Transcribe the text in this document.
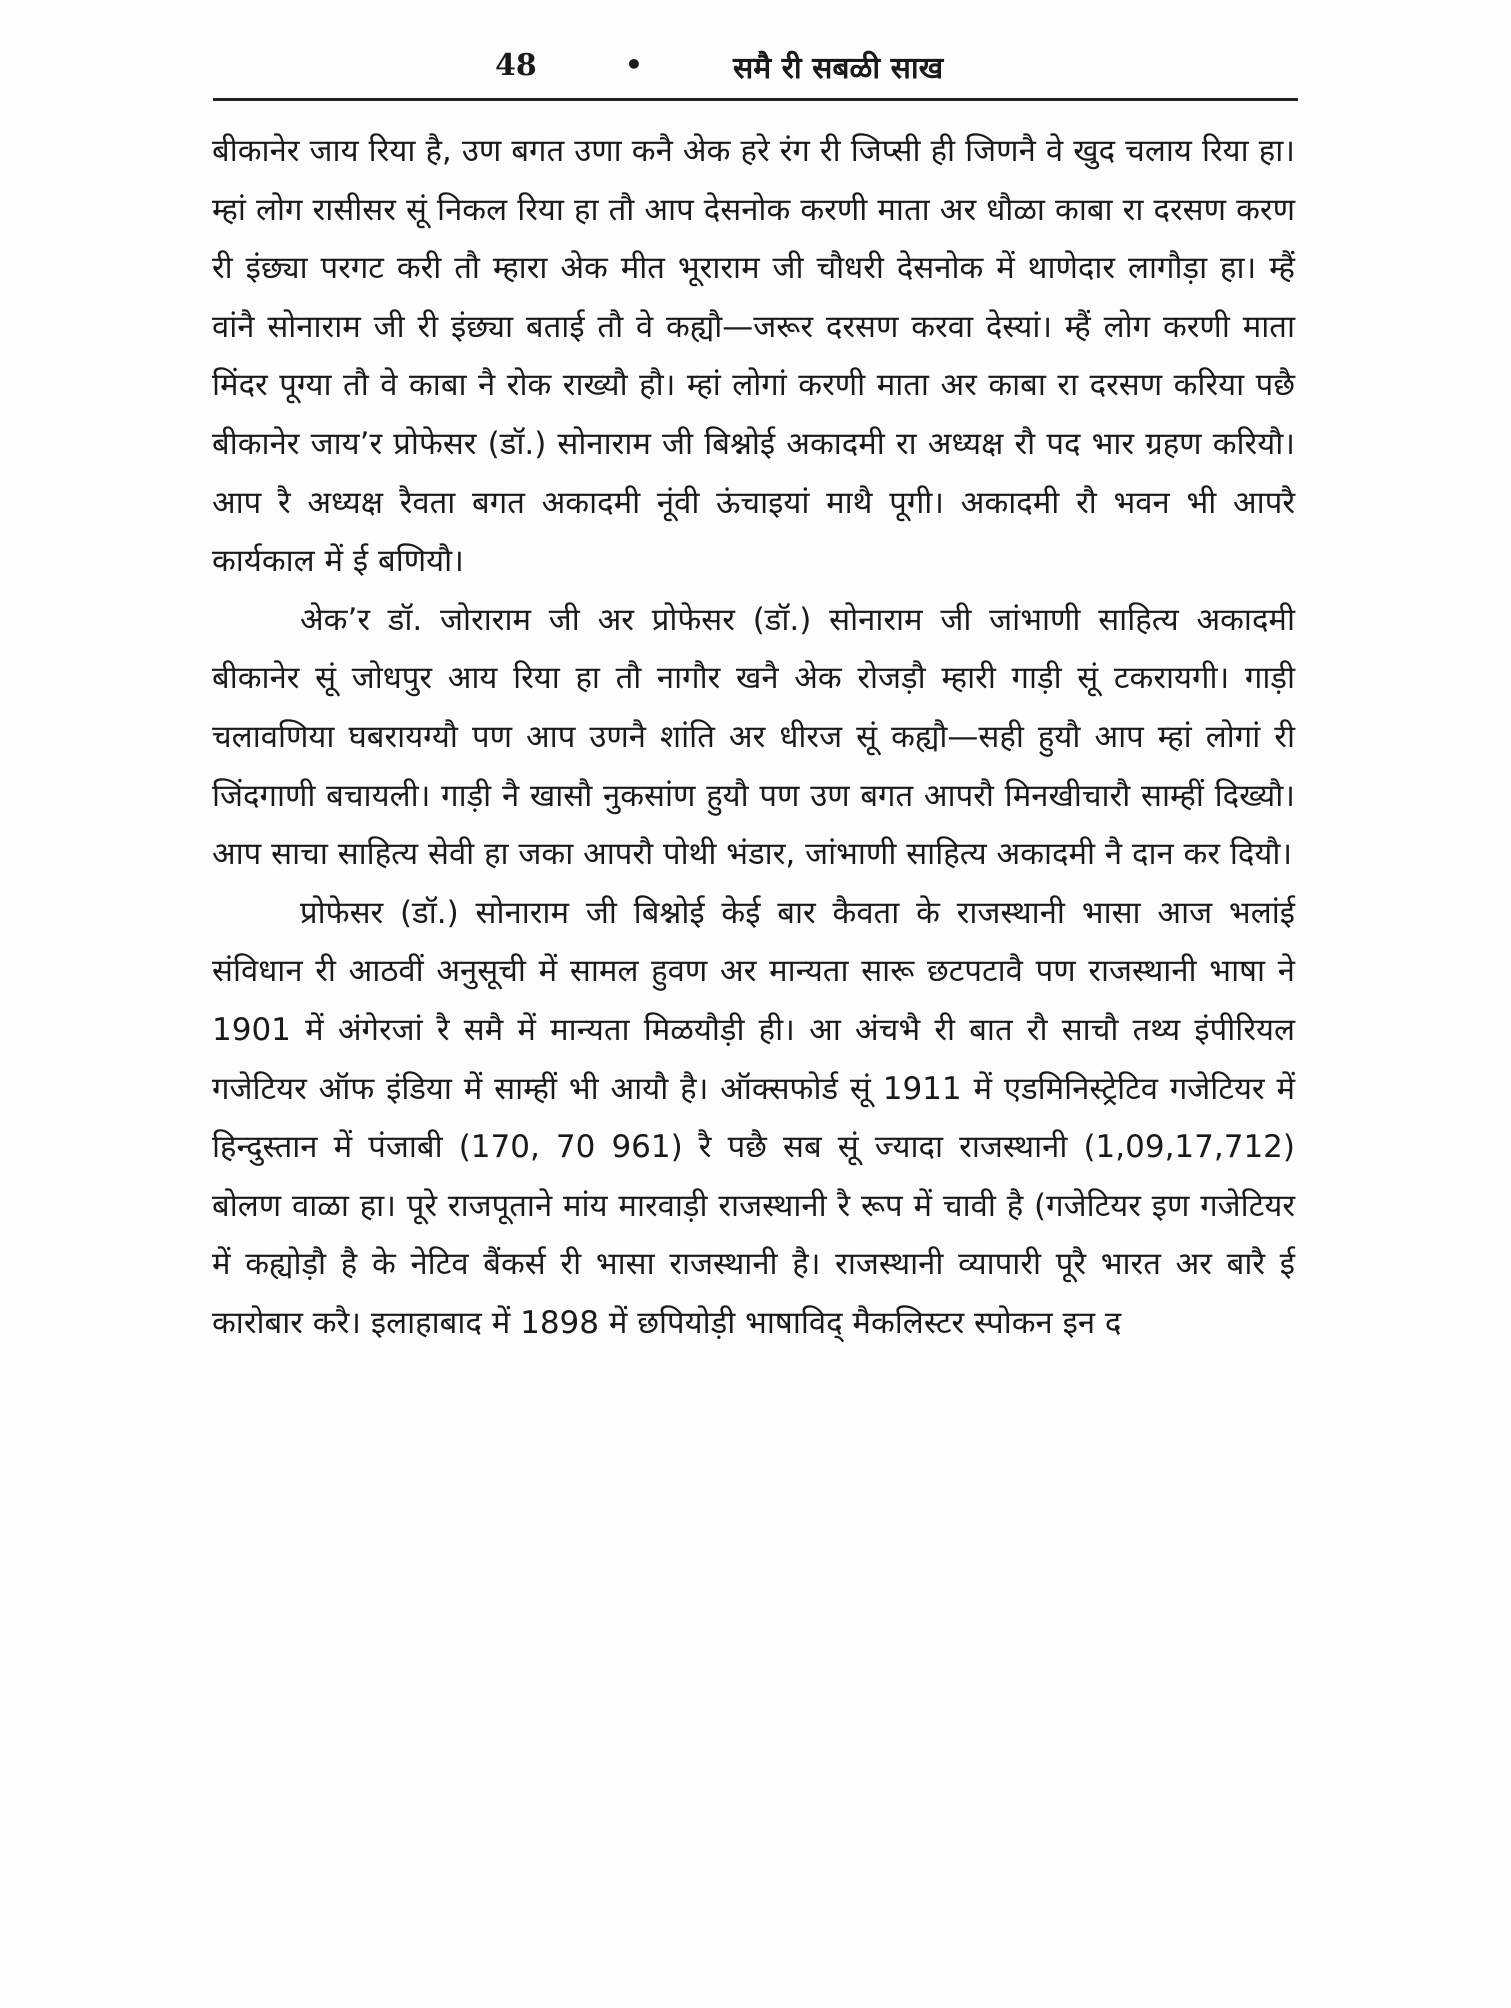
48	•	समै री सबळी साख

बीकानेर जाय रिया है, उण बगत उणा कनै अेक हरे रंग री जिप्सी ही जिणनै वे खुद चलाय रिया हा। म्हां लोग रासीसर सूं निकल रिया हा तौ आप देसनोक करणी माता अर धौळा काबा रा दरसण करण री इंछ्या परगट करी तौ म्हारा अेक मीत भूराराम जी चौधरी देसनोक में थाणेदार लागौड़ा हा। म्हैं वांनै सोनाराम जी री इंछ्या बताई तौ वे कह्यौ—जरूर दरसण करवा देस्यां। म्हैं लोग करणी माता मिंदर पूग्या तौ वे काबा नै रोक राख्यौ हौ। म्हां लोगां करणी माता अर काबा रा दरसण करिया पछै बीकानेर जाय’र प्रोफेसर (डॉ.) सोनाराम जी बिश्नोई अकादमी रा अध्यक्ष रौ पद भार ग्रहण करियौ। आप रै अध्यक्ष रैवता बगत अकादमी नूंवी ऊंचाइयां माथै पूगी। अकादमी रौ भवन भी आपरै कार्यकाल में ई बणियौ।

अेक’र डॉ. जोराराम जी अर प्रोफेसर (डॉ.) सोनाराम जी जांभाणी साहित्य अकादमी बीकानेर सूं जोधपुर आय रिया हा तौ नागौर खनै अेक रोजड़ौ म्हारी गाड़ी सूं टकरायगी। गाड़ी चलावणिया घबरायग्यौ पण आप उणनै शांति अर धीरज सूं कह्यौ—सही हुयौ आप म्हां लोगां री जिंदगाणी बचायली। गाड़ी नै खासौ नुकसांण हुयौ पण उण बगत आपरौ मिनखीचारौ साम्हीं दिख्यौ। आप साचा साहित्य सेवी हा जका आपरौ पोथी भंडार, जांभाणी साहित्य अकादमी नै दान कर दियौ।

प्रोफेसर (डॉ.) सोनाराम जी बिश्नोई केई बार कैवता के राजस्थानी भासा आज भलांई संविधान री आठवीं अनुसूची में सामल हुवण अर मान्यता सारू छटपटावै पण राजस्थानी भाषा ने 1901 में अंगेरजां रै समै में मान्यता मिळयौड़ी ही। आ अंचभै री बात रौ साचौ तथ्य इंपीरियल गजेटियर ऑफ इंडिया में साम्हीं भी आयौ है। ऑक्सफोर्ड सूं 1911 में एडमिनिस्ट्रेटिव गजेटियर में हिन्दुस्तान में पंजाबी (170, 70 961) रै पछै सब सूं ज्यादा राजस्थानी (1,09,17,712) बोलण वाळा हा। पूरे राजपूताने मांय मारवाड़ी राजस्थानी रै रूप में चावी है (गजेटियर इण गजेटियर में कह्योड़ौ है के नेटिव बैंकर्स री भासा राजस्थानी है। राजस्थानी व्यापारी पूरै भारत अर बारै ई कारोबार करै। इलाहाबाद में 1898 में छपियोड़ी भाषाविद् मैकलिस्टर स्पोकन इन द
